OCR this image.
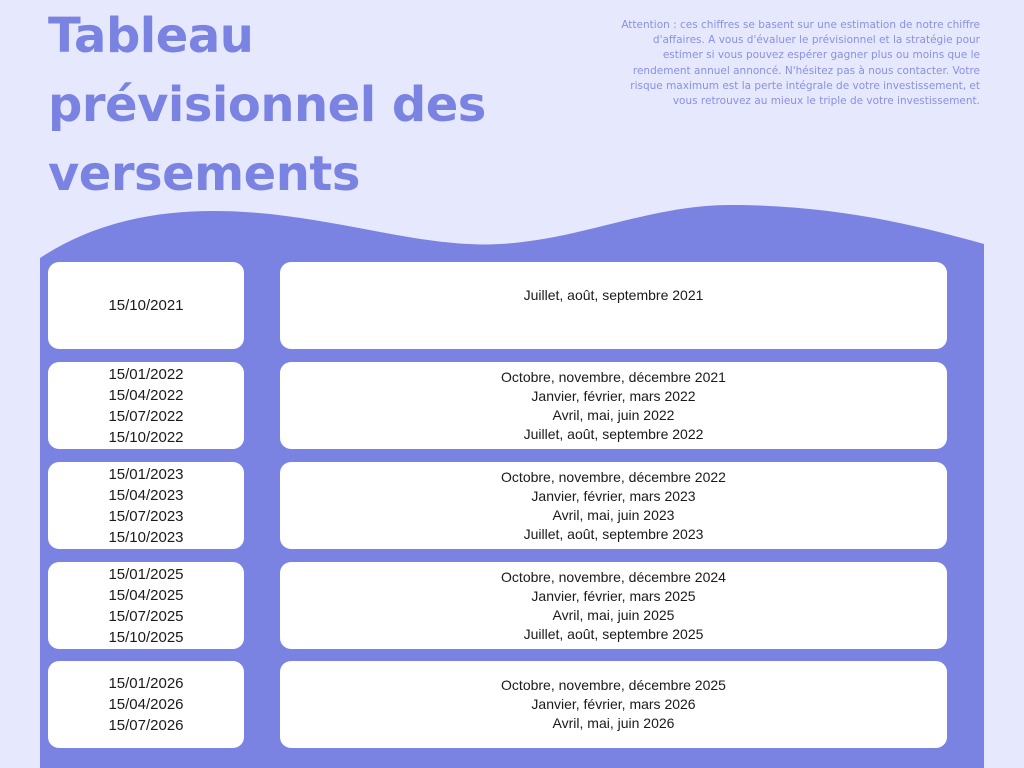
Tableau prévisionnel des versements

Attention : ces chiffres se basent sur une estimation de notre chiffre d'affaires. A vous d'évaluer le prévisionnel et la stratégie pour estimer si vous pouvez espérer gagner plus ou moins que le rendement annuel annoncé. N'hésitez pas à nous contacter. Votre risque maximum est la perte intégrale de votre investissement, et vous retrouvez au mieux le triple de votre investissement.

15/10/2021
Juillet, août, septembre 2021
15/01/2022
15/04/2022
15/07/2022
15/10/2022
Octobre, novembre, décembre 2021
Janvier, février, mars 2022
Avril, mai, juin 2022
Juillet, août, septembre 2022
15/01/2023
15/04/2023
15/07/2023
15/10/2023
Octobre, novembre, décembre 2022
Janvier, février, mars 2023
Avril, mai, juin 2023
Juillet, août, septembre 2023
15/01/2025
15/04/2025
15/07/2025
15/10/2025
Octobre, novembre, décembre 2024
Janvier, février, mars 2025
Avril, mai, juin 2025
Juillet, août, septembre 2025
15/01/2026
15/04/2026
15/07/2026
Octobre, novembre, décembre 2025
Janvier, février, mars 2026
Avril, mai, juin 2026
